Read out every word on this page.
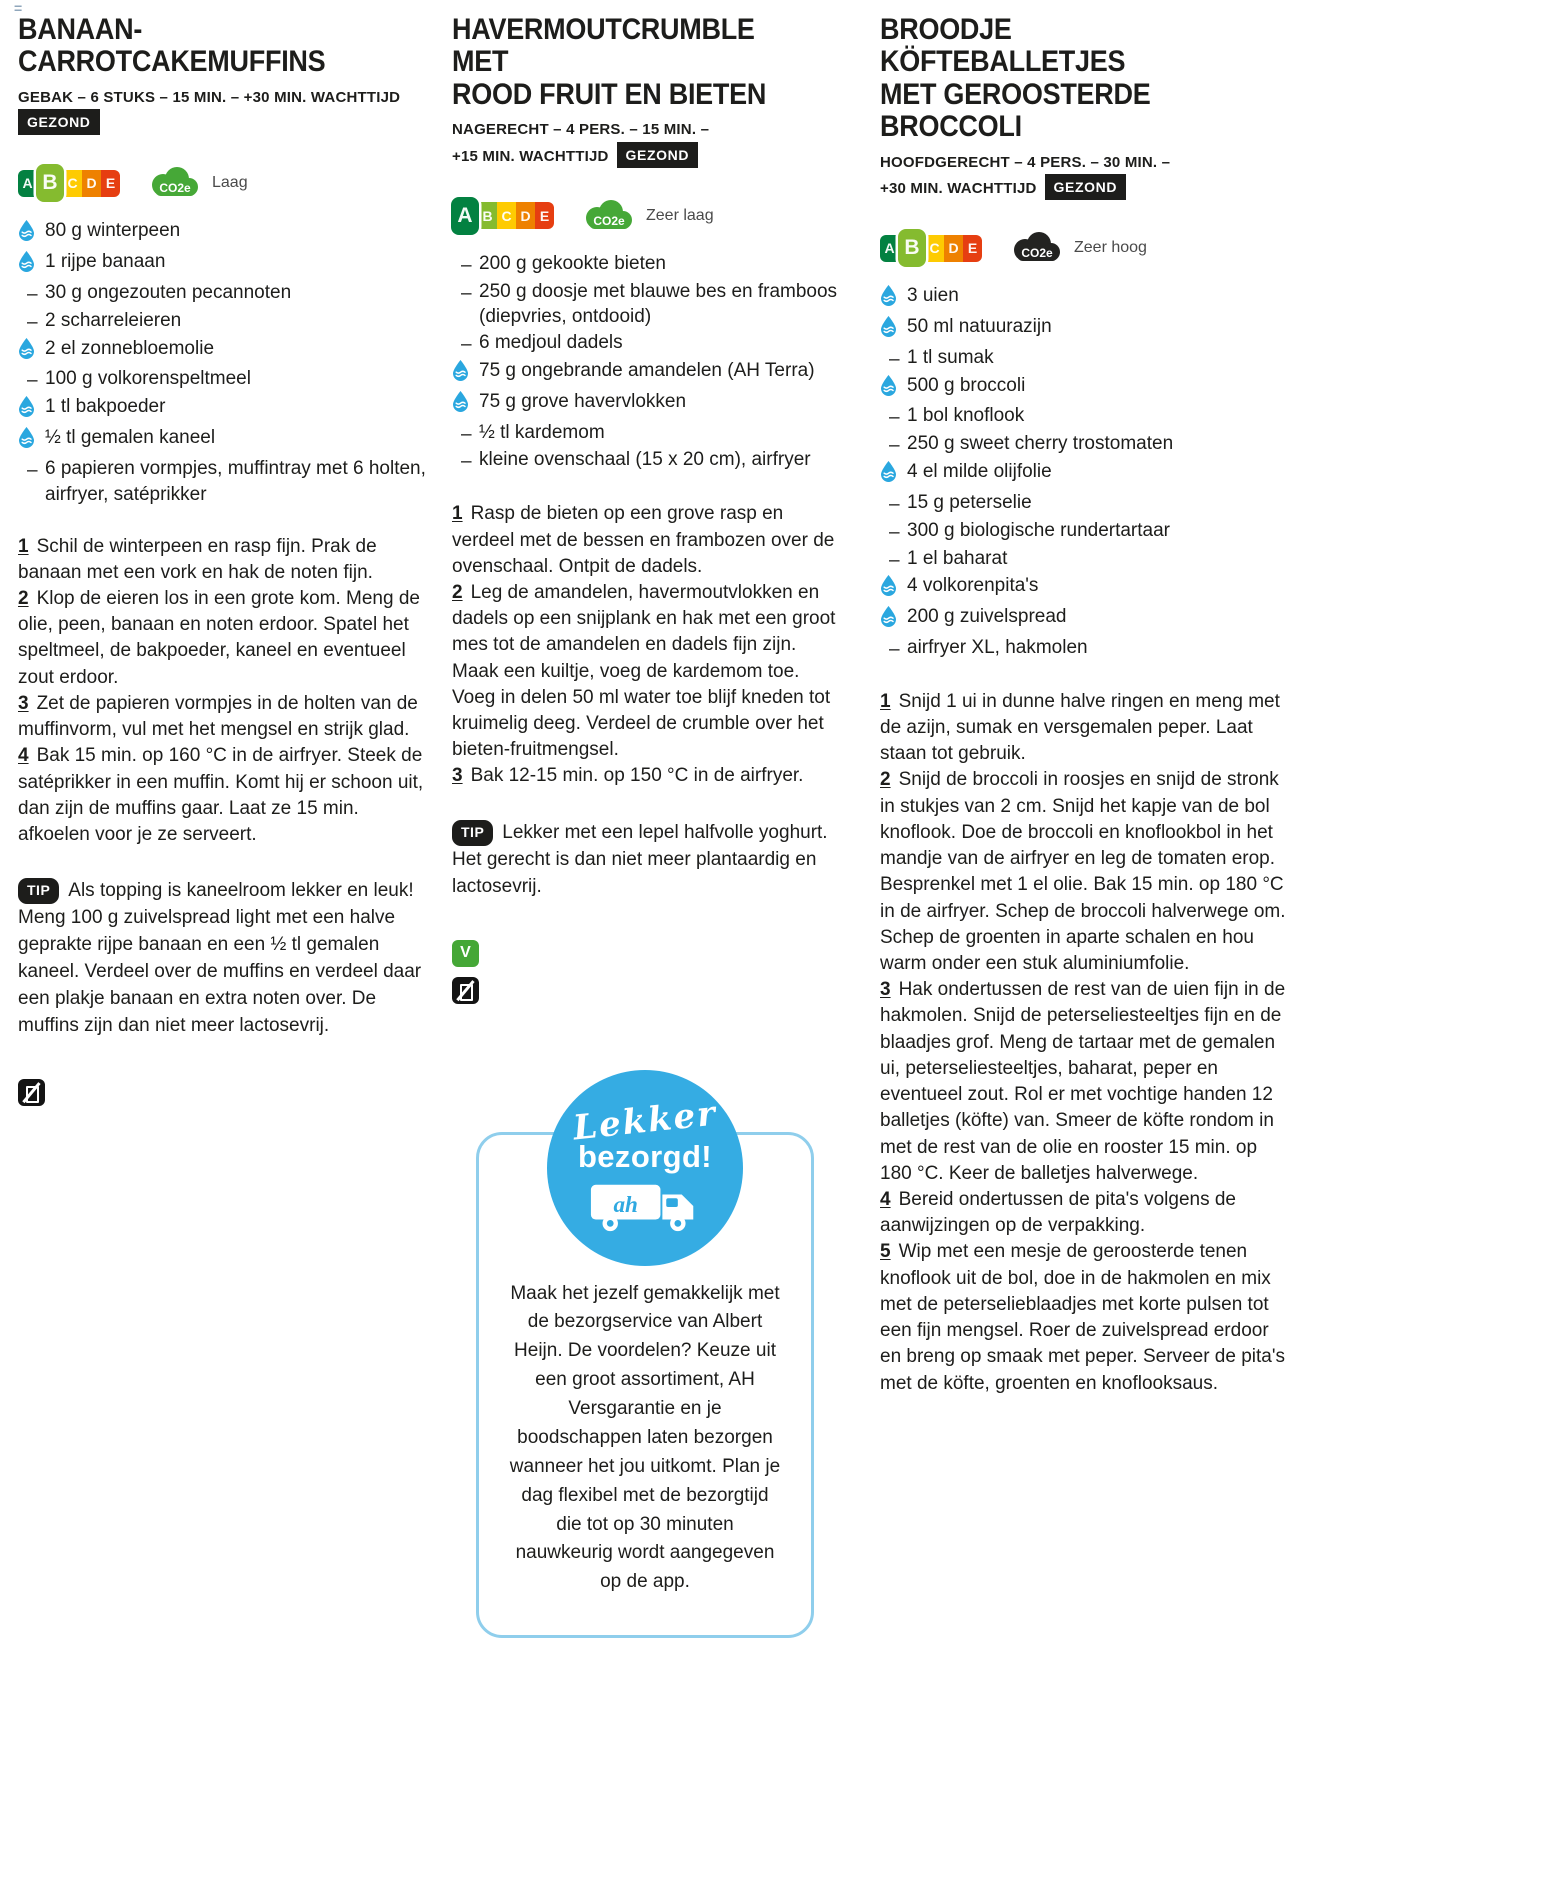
=
BANAAN-CARROTCAKEMUFFINS
GEBAK – 6 STUKS – 15 MIN. – +30 MIN. WACHTTIJD
GEZOND
A B C D E	CO2e Laag
80 g winterpeen
1 rijpe banaan
– 30 g ongezouten pecannoten
– 2 scharreleieren
2 el zonnebloemolie
– 100 g volkorenspeltmeel
1 tl bakpoeder
½ tl gemalen kaneel
– 6 papieren vormpjes, muffintray met 6 holten, airfryer, satéprikker

1 Schil de winterpeen en rasp fijn. Prak de banaan met een vork en hak de noten fijn.

2 Klop de eieren los in een grote kom. Meng de olie, peen, banaan en noten erdoor. Spatel het speltmeel, de bakpoeder, kaneel en eventueel zout erdoor.

3 Zet de papieren vormpjes in de holten van de muffinvorm, vul met het mengsel en strijk glad.

4 Bak 15 min. op 160 °C in de airfryer. Steek de satéprikker in een muffin. Komt hij er schoon uit, dan zijn de muffins gaar. Laat ze 15 min. afkoelen voor je ze serveert.

TIP Als topping is kaneelroom lekker en leuk! Meng 100 g zuivelspread light met een halve geprakte rijpe banaan en een ½ tl gemalen kaneel. Verdeel over de muffins en verdeel daar een plakje banaan en extra noten over. De muffins zijn dan niet meer lactosevrij.

HAVERMOUTCRUMBLE MET
ROOD FRUIT EN BIETEN
NAGERECHT – 4 PERS. – 15 MIN. –
+15 MIN. WACHTTIJD GEZOND
A B C D E	CO2e Zeer laag
– 200 g gekookte bieten
– 250 g doosje met blauwe bes en framboos (diepvries, ontdooid)
– 6 medjoul dadels
75 g ongebrande amandelen (AH Terra)
75 g grove havervlokken
– ½ tl kardemom
– kleine ovenschaal (15 x 20 cm), airfryer

1 Rasp de bieten op een grove rasp en verdeel met de bessen en frambozen over de ovenschaal. Ontpit de dadels.

2 Leg de amandelen, havermoutvlokken en dadels op een snijplank en hak met een groot mes tot de amandelen en dadels fijn zijn. Maak een kuiltje, voeg de kardemom toe. Voeg in delen 50 ml water toe blijf kneden tot kruimelig deeg. Verdeel de crumble over het bieten-fruitmengsel.

3 Bak 12-15 min. op 150 °C in de airfryer.

TIP Lekker met een lepel halfvolle yoghurt. Het gerecht is dan niet meer plantaardig en lactosevrij.

V
Lekker
bezorgd!
ah

Maak het jezelf gemakkelijk met de bezorgservice van Albert Heijn. De voordelen? Keuze uit een groot assortiment, AH Versgarantie en je boodschappen laten bezorgen wanneer het jou uitkomt. Plan je dag flexibel met de bezorgtijd die tot op 30 minuten nauwkeurig wordt aangegeven op de app.

BROODJE KÖFTEBALLETJES
MET GEROOSTERDE BROCCOLI
HOOFDGERECHT – 4 PERS. – 30 MIN. –
+30 MIN. WACHTTIJD GEZOND
A B C D E	CO2e Zeer hoog
3 uien
50 ml natuurazijn
– 1 tl sumak
500 g broccoli
– 1 bol knoflook
– 250 g sweet cherry trostomaten
4 el milde olijfolie
– 15 g peterselie
– 300 g biologische rundertartaar
– 1 el baharat
4 volkorenpita's
200 g zuivelspread
– airfryer XL, hakmolen

1 Snijd 1 ui in dunne halve ringen en meng met de azijn, sumak en versgemalen peper. Laat staan tot gebruik.

2 Snijd de broccoli in roosjes en snijd de stronk in stukjes van 2 cm. Snijd het kapje van de bol knoflook. Doe de broccoli en knoflookbol in het mandje van de airfryer en leg de tomaten erop. Besprenkel met 1 el olie. Bak 15 min. op 180 °C in de airfryer. Schep de broccoli halverwege om. Schep de groenten in aparte schalen en hou warm onder een stuk aluminiumfolie.

3 Hak ondertussen de rest van de uien fijn in de hakmolen. Snijd de peterseliesteeltjes fijn en de blaadjes grof. Meng de tartaar met de gemalen ui, peterseliesteeltjes, baharat, peper en eventueel zout. Rol er met vochtige handen 12 balletjes (köfte) van. Smeer de köfte rondom in met de rest van de olie en rooster 15 min. op 180 °C. Keer de balletjes halverwege.

4 Bereid ondertussen de pita's volgens de aanwijzingen op de verpakking.

5 Wip met een mesje de geroosterde tenen knoflook uit de bol, doe in de hakmolen en mix met de peterselieblaadjes met korte pulsen tot een fijn mengsel. Roer de zuivelspread erdoor en breng op smaak met peper. Serveer de pita's met de köfte, groenten en knoflooksaus.
